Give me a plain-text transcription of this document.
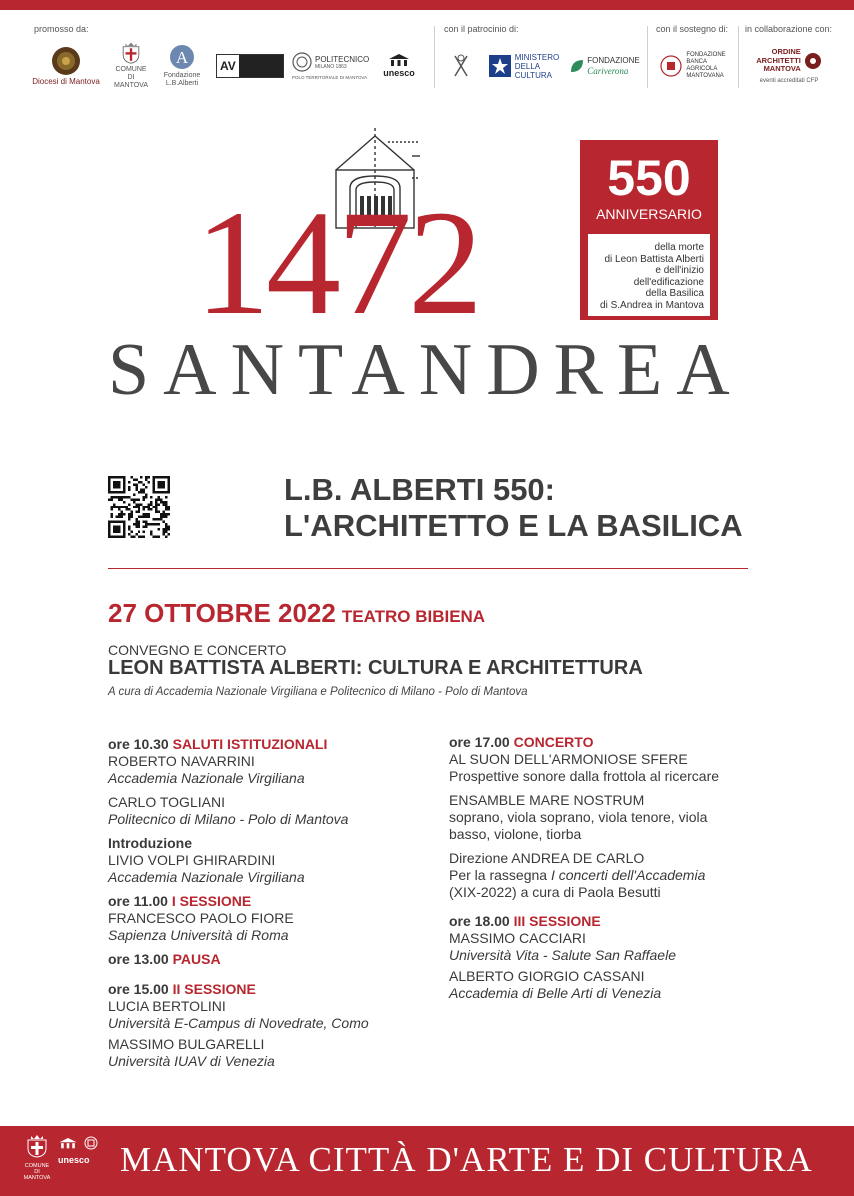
promosso da:	con il patrocinio di:	con il sostegno di: in collaborazione con:
Diocesi di Mantova
COMUNE DI MANTOVA
A
Fondazione L.B.Alberti
AV	POLITECNICO
MILANO 1863
POLO TERRITORIALE DI MANTOVA unesco
MINISTERO
DELLA
CULTURA
FONDAZIONE
Cariverona
FONDAZIONE
BANCA
AGRICOLA
MANTOVANA
ORDINE
ARCHITETTI
MANTOVA
eventi accreditati CFP
1472
SANTANDREA
550
ANNIVERSARIO
della morte
di Leon Battista Alberti
e dell'inizio
dell'edificazione
della Basilica
di S.Andrea in Mantova
L.B. ALBERTI 550:
L'ARCHITETTO E LA BASILICA
27 OTTOBRE 2022 TEATRO BIBIENA
CONVEGNO E CONCERTO
LEON BATTISTA ALBERTI: CULTURA E ARCHITETTURA
A cura di Accademia Nazionale Virgiliana e Politecnico di Milano - Polo di Mantova
ore 10.30 SALUTI ISTITUZIONALI
ROBERTO NAVARRINI
Accademia Nazionale Virgiliana
CARLO TOGLIANI
Politecnico di Milano - Polo di Mantova
Introduzione
LIVIO VOLPI GHIRARDINI
Accademia Nazionale Virgiliana
ore 11.00 I SESSIONE
FRANCESCO PAOLO FIORE
Sapienza Università di Roma
ore 13.00 PAUSA
ore 15.00 II SESSIONE
LUCIA BERTOLINI
Università E-Campus di Novedrate, Como
MASSIMO BULGARELLI
Università IUAV di Venezia
ore 17.00 CONCERTO
AL SUON DELL'ARMONIOSE SFERE
Prospettive sonore dalla frottola al ricercare
ENSAMBLE MARE NOSTRUM
soprano, viola soprano, viola tenore, viola
basso, violone, tiorba
Direzione ANDREA DE CARLO
Per la rassegna I concerti dell'Accademia
(XIX-2022) a cura di Paola Besutti
ore 18.00 III SESSIONE
MASSIMO CACCIARI
Università Vita - Salute San Raffaele
ALBERTO GIORGIO CASSANI
Accademia di Belle Arti di Venezia
COMUNE DI MANTOVA

unesco MANTOVA CITTÀ D'ARTE E DI CULTURA
